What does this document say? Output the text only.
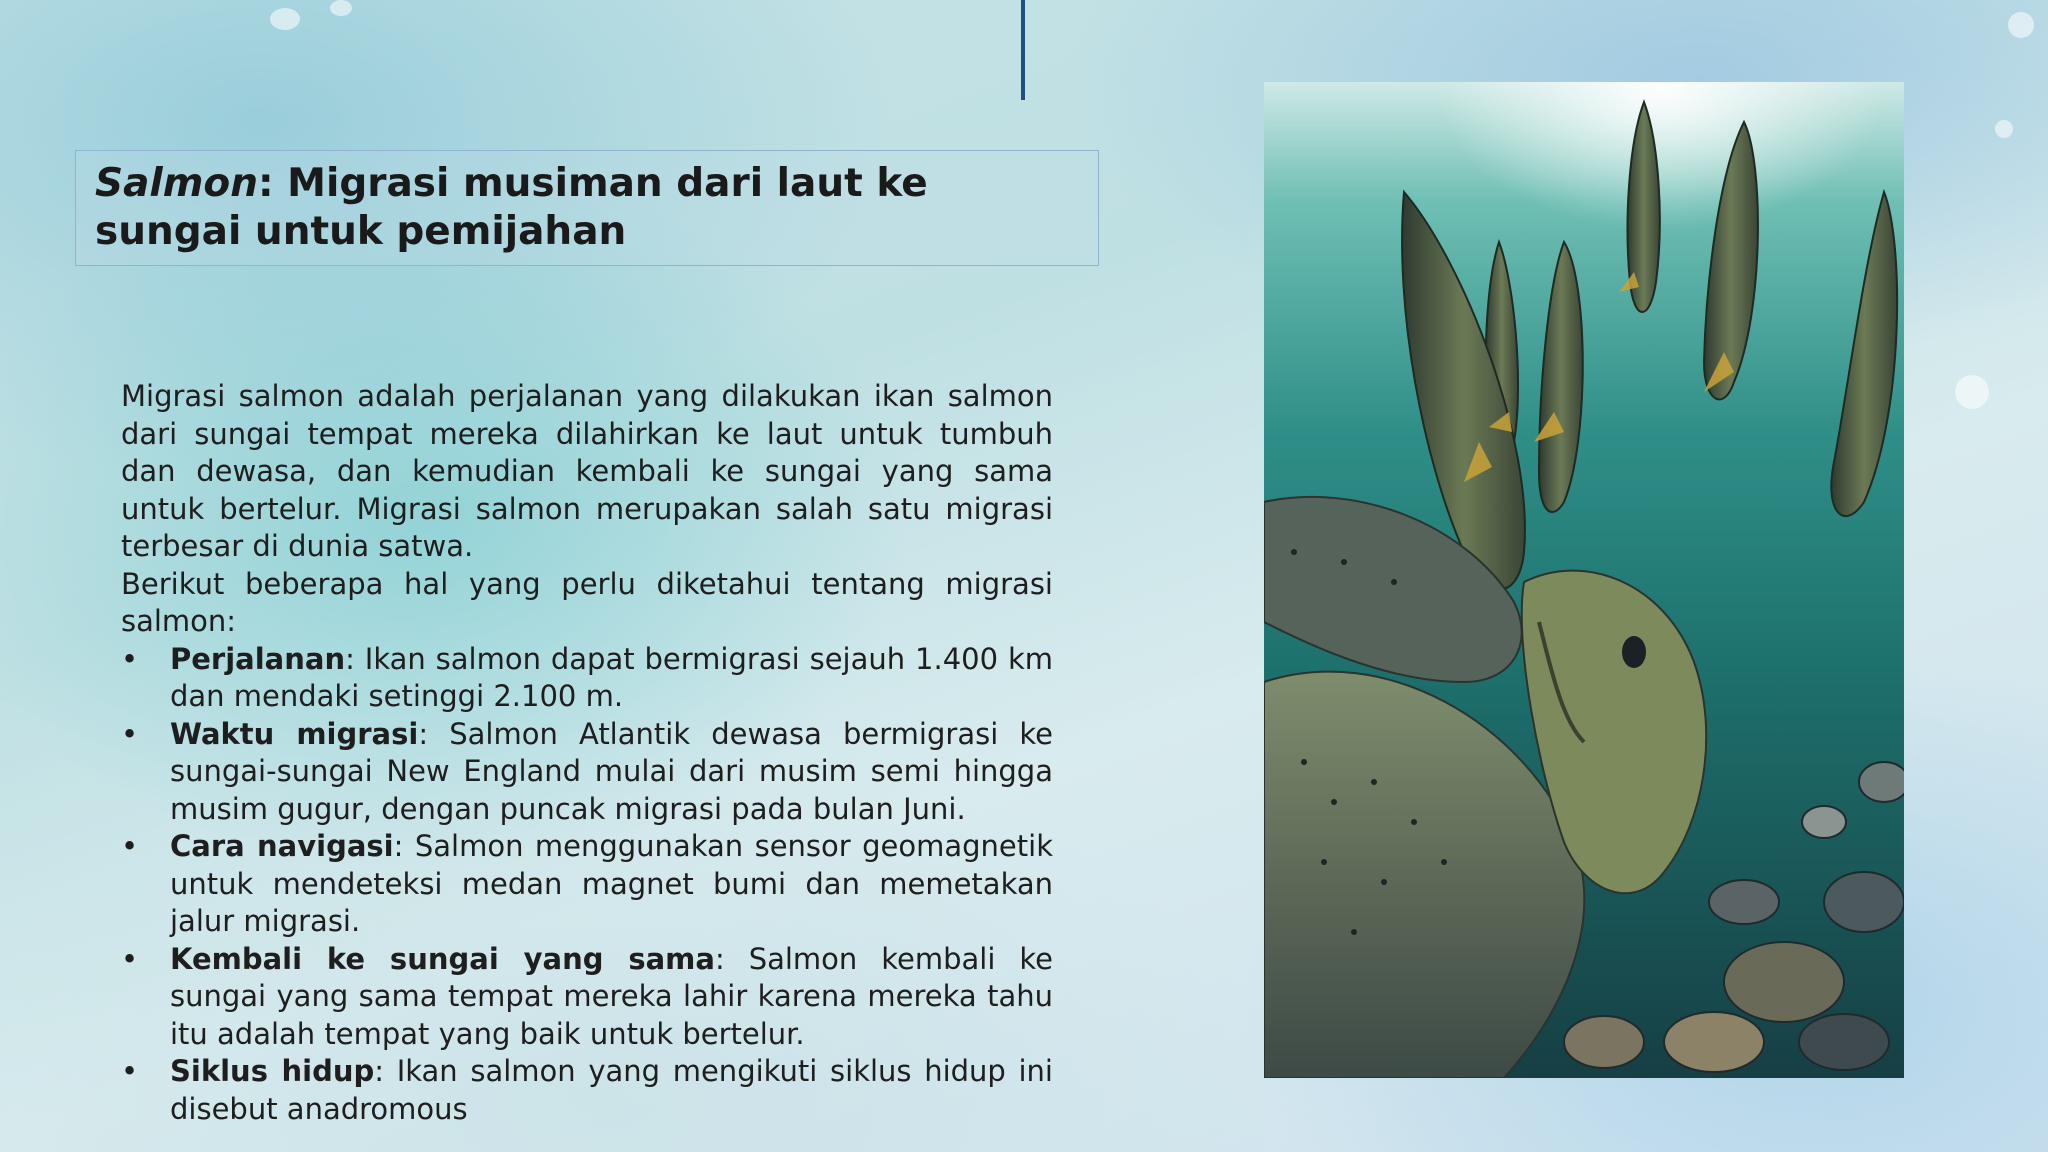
Salmon: Migrasi musiman dari laut ke sungai untuk pemijahan

Migrasi salmon adalah perjalanan yang dilakukan ikan salmon dari sungai tempat mereka dilahirkan ke laut untuk tumbuh dan dewasa, dan kemudian kembali ke sungai yang sama untuk bertelur. Migrasi salmon merupakan salah satu migrasi terbesar di dunia satwa.

Berikut beberapa hal yang perlu diketahui tentang migrasi salmon:

•	Perjalanan: Ikan salmon dapat bermigrasi sejauh 1.400 km dan mendaki setinggi 2.100 m.
•	Waktu migrasi: Salmon Atlantik dewasa bermigrasi ke sungai-sungai New England mulai dari musim semi hingga musim gugur, dengan puncak migrasi pada bulan Juni.
•	Cara navigasi: Salmon menggunakan sensor geomagnetik untuk mendeteksi medan magnet bumi dan memetakan jalur migrasi.
•	Kembali ke sungai yang sama: Salmon kembali ke sungai yang sama tempat mereka lahir karena mereka tahu itu adalah tempat yang baik untuk bertelur.
•	Siklus hidup: Ikan salmon yang mengikuti siklus hidup ini disebut anadromous
